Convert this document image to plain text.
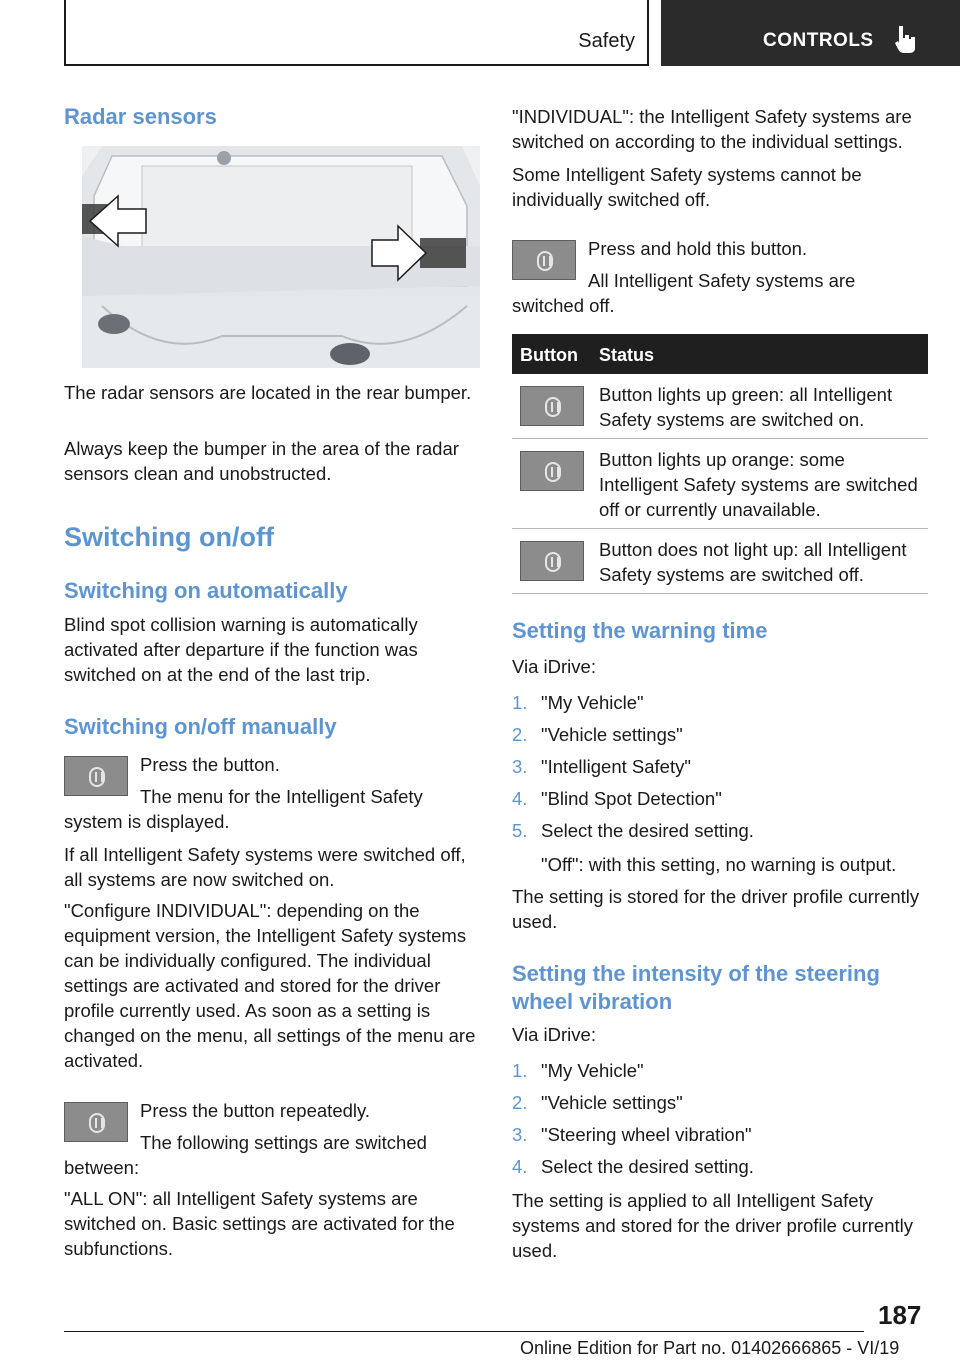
Safety	CONTROLS
Radar sensors

The radar sensors are located in the rear bumper.

Always keep the bumper in the area of the radar sensors clean and unobstructed.

Switching on/off
Switching on automatically

Blind spot collision warning is automatically activated after departure if the function was switched on at the end of the last trip.

Switching on/off manually

Press the button.

The menu for the Intelligent Safety system is displayed.

If all Intelligent Safety systems were switched off, all systems are now switched on.

"Configure INDIVIDUAL": depending on the equipment version, the Intelligent Safety systems can be individually configured. The individual settings are activated and stored for the driver profile currently used. As soon as a setting is changed on the menu, all settings of the menu are activated.

Press the button repeatedly.

The following settings are switched between:

"ALL ON": all Intelligent Safety systems are switched on. Basic settings are activated for the subfunctions.

"INDIVIDUAL": the Intelligent Safety systems are switched on according to the individual settings.

Some Intelligent Safety systems cannot be individually switched off.

Press and hold this button.

All Intelligent Safety systems are switched off.

Button Status

Button lights up green: all Intelligent Safety systems are switched on.

Button lights up orange: some Intelligent Safety systems are switched off or currently unavailable.

Button does not light up: all Intelligent Safety systems are switched off.

Setting the warning time

Via iDrive:

1. "My Vehicle"
2. "Vehicle settings"
3. "Intelligent Safety"
4. "Blind Spot Detection"
5. Select the desired setting.

"Off": with this setting, no warning is output.

The setting is stored for the driver profile currently used.

Setting the intensity of the steering wheel vibration

Via iDrive:

1. "My Vehicle"
2. "Vehicle settings"
3. "Steering wheel vibration"
4. Select the desired setting.

The setting is applied to all Intelligent Safety systems and stored for the driver profile currently used.

187
Online Edition for Part no. 01402666865 - VI/19
